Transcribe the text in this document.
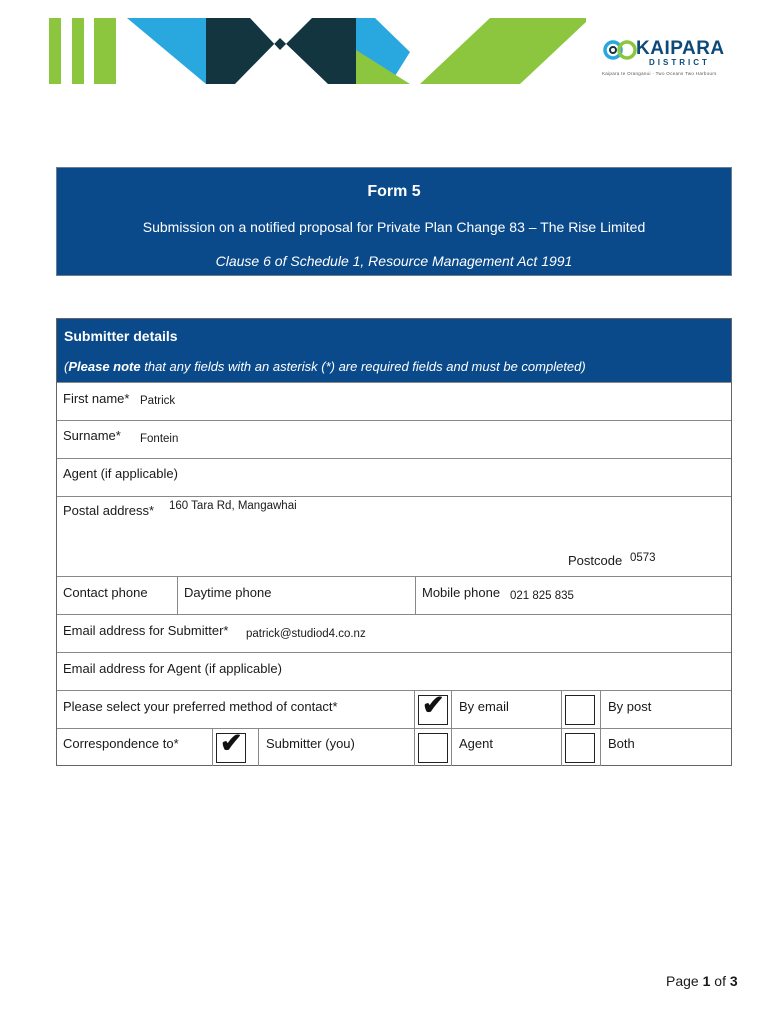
KAIPARA
DISTRICT
Kaipara te Oranganui · Two Oceans Two Harbours
Form 5
Submission on a notified proposal for Private Plan Change 83 – The Rise Limited
Clause 6 of Schedule 1, Resource Management Act 1991
Submitter details
(Please note that any fields with an asterisk (*) are required fields and must be completed)
First name* Patrick
Surname* Fontein
Agent (if applicable)
Postal address* 160 Tara Rd, Mangawhai
Postcode 0573
Contact phone	Daytime phone	Mobile phone 021 825 835
Email address for Submitter* patrick@studiod4.co.nz
Email address for Agent (if applicable)
Please select your preferred method of contact*	✔ By email	By post
Correspondence to* ✔ Submitter (you)	Agent	Both
Page 1 of 3
